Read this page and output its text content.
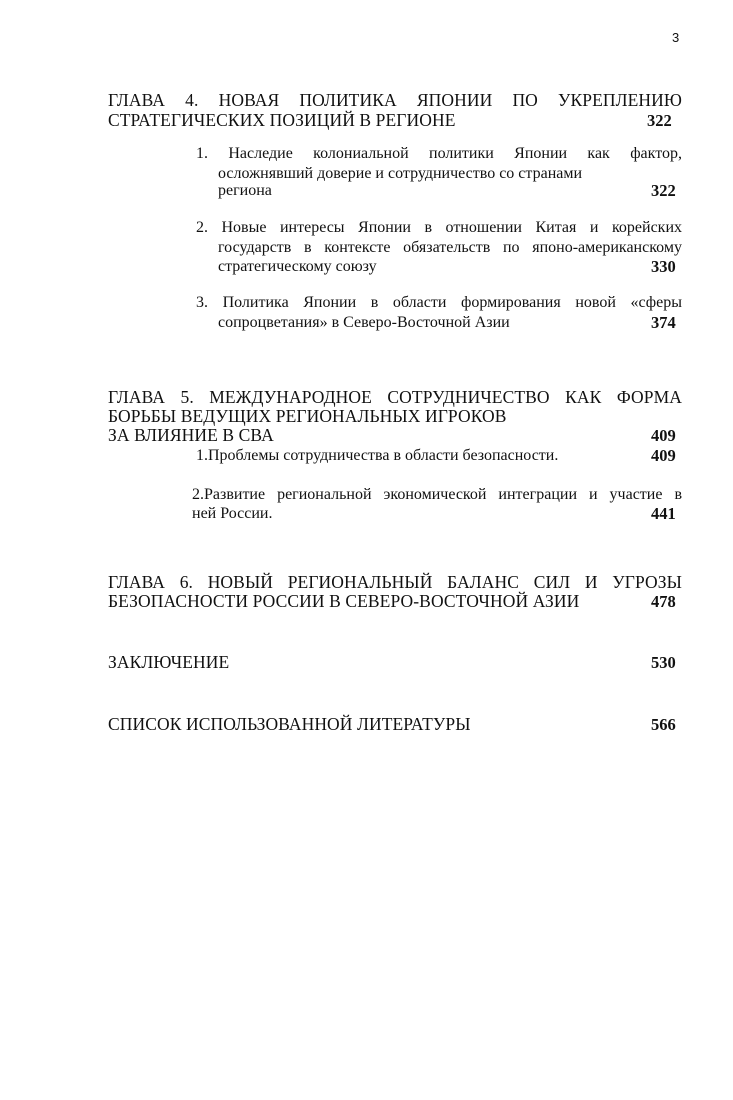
3
ГЛАВА 4. НОВАЯ ПОЛИТИКА ЯПОНИИ ПО УКРЕПЛЕНИЮ
СТРАТЕГИЧЕСКИХ ПОЗИЦИЙ В РЕГИОНЕ	322
1. Наследие колониальной политики Японии как фактор,
осложнявший доверие и сотрудничество со странами
региона	322
2. Новые интересы Японии в отношении Китая и корейских
государств в контексте обязательств по японо-американскому
стратегическому союзу	330
3. Политика Японии в области формирования новой «сферы
сопроцветания» в Северо-Восточной Азии	374
ГЛАВА 5. МЕЖДУНАРОДНОЕ СОТРУДНИЧЕСТВО КАК ФОРМА
БОРЬБЫ ВЕДУЩИХ РЕГИОНАЛЬНЫХ ИГРОКОВ
ЗА ВЛИЯНИЕ В СВА	409
1.Проблемы сотрудничества в области безопасности.	409
2.Развитие региональной экономической интеграции и участие в
ней России.	441
ГЛАВА 6. НОВЫЙ РЕГИОНАЛЬНЫЙ БАЛАНС СИЛ И УГРОЗЫ
БЕЗОПАСНОСТИ РОССИИ В СЕВЕРО-ВОСТОЧНОЙ АЗИИ	478
ЗАКЛЮЧЕНИЕ	530
СПИСОК ИСПОЛЬЗОВАННОЙ ЛИТЕРАТУРЫ	566
